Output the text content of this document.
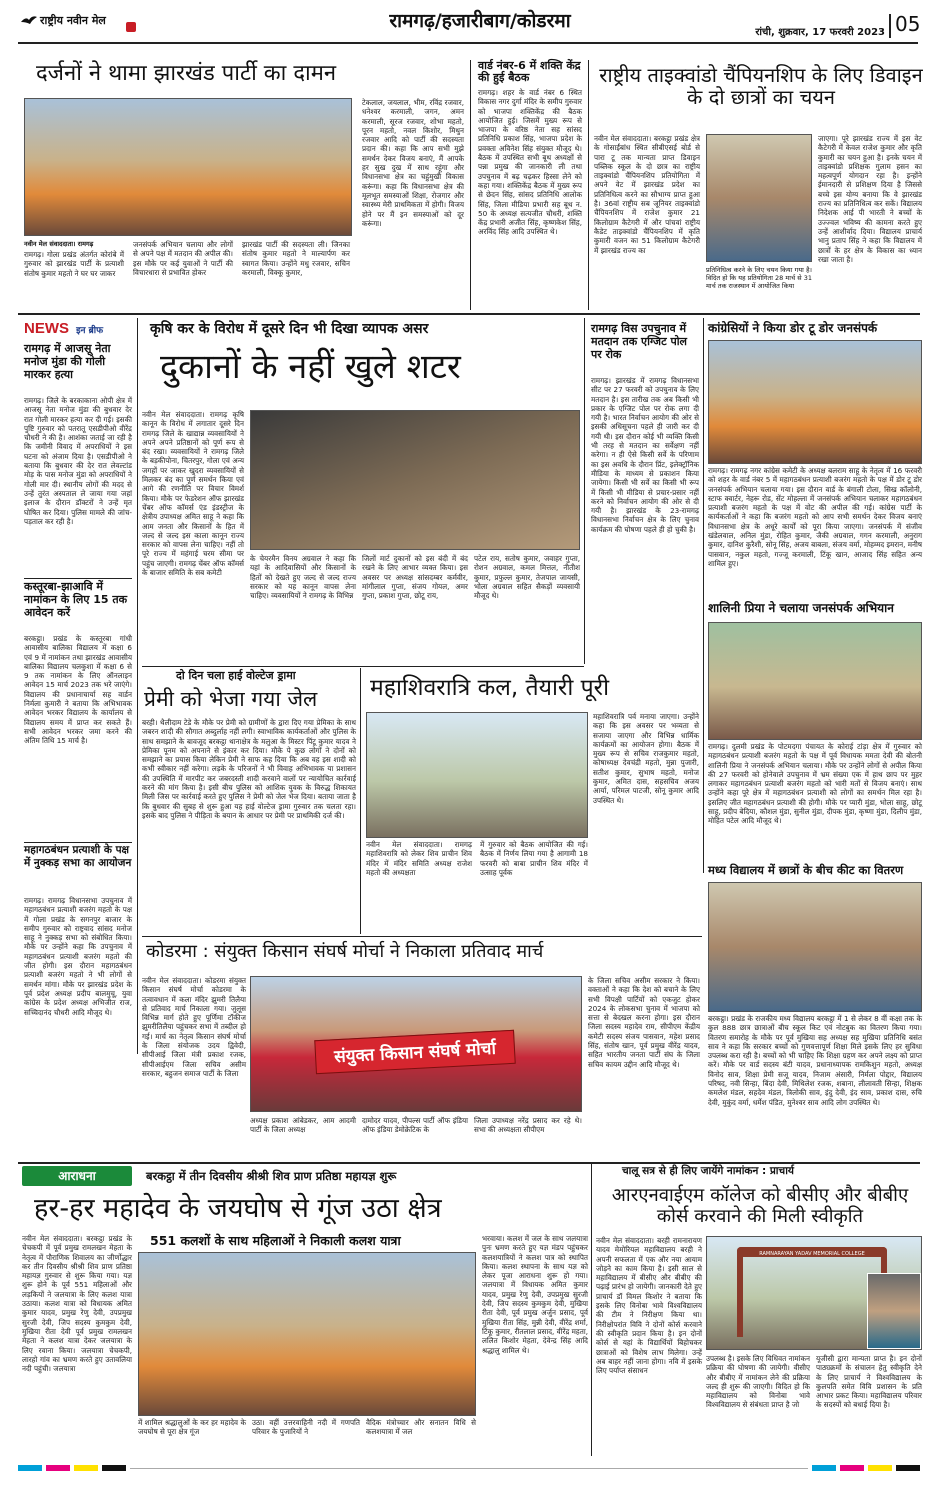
राष्ट्रीय नवीन मेल	रामगढ़/हजारीबाग/कोडरमा
रांची, शुक्रवार, 17 फरवरी 2023 05
दर्जनों ने थामा झारखंड पार्टी का दामन
नवीन मेल संवाददाता। रामगढ़
रामगढ़। गोला प्रखंड अंतर्गत कोरांबे में गुरुवार को झारखंड पार्टी के प्रत्याशी संतोष कुमार महतो ने घर घर जाकर
जनसंपर्क अभियान चलाया और लोगों से अपने पक्ष में मतदान की अपील की। इस मौके पर कई युवाओं ने पार्टी की विचारधारा से प्रभावित होकर
झारखंड पार्टी की सदस्यता ली। जिनका संतोष कुमार महतो ने माल्यार्पण कर स्वागत किया। उन्होंने मधु रजवार, सचिन करमाली, विक्कू कुमार,
टेकलाल, जयलाल, भीम, रविंद्र रजवार, धनेश्वर करमाली, जगन, अमन करमाली, सूरज रजवार, शोभा महतो, पूरन महतो, नवल किशोर, मिथुन रजवार आदि को पार्टी की सदस्यता प्रदान की। कहा कि आप सभी मुझे समर्थन देकर विजय बनाएं, मैं आपके हर सुख दुख में साथ रहूंगा और विधानसभा क्षेत्र का चहुंमुखी विकास करूंगा। कहा कि विधानसभा क्षेत्र की मूलभूत समस्याओं शिक्षा, रोजगार और स्वास्थ्य मेरी प्राथमिकता में होगी। विजय होने पर मैं इन समस्याओं को दूर करूंगा।
वार्ड नंबर-6 में शक्ति केंद्र की हुई बैठक
रामगढ़। शहर के वार्ड नंबर 6 स्थित विकास नगर दुर्गा मंदिर के समीप गुरुवार को भाजपा शक्तिकेंद्र की बैठक आयोजित हुई। जिसमें मुख्य रूप से भाजपा के वरिष्ठ नेता सह सांसद प्रतिनिधि प्रकाश सिंह, भाजपा प्रदेश के प्रवक्ता अविनेश सिंह संयुक्त मौजूद थे। बैठक में उपस्थित सभी बूथ अध्यक्षों से पन्ना प्रमुख की जानकारी ली तथा उपचुनाव में बढ़ चढ़कर हिस्सा लेने को कहा गया। शक्तिकेंद्र बैठक में मुख्य रूप से छेदन सिंह, सांसद प्रतिनिधि आलोक सिंह, जिला मीडिया प्रभारी सह बूथ न. 50 के अध्यक्ष सत्यजीत चौधरी, शक्ति केंद्र प्रभारी अजीत सिंह, कृष्णकेश सिंह, अरविंद सिंह आदि उपस्थित थे।
राष्ट्रीय ताइक्वांडो चैंपियनशिप के लिए डिवाइन के दो छात्रों का चयन
नवीन मेल संवाददाता। बरकट्ठा प्रखंड क्षेत्र के गोसाईंबांध स्थित सीबीएसई बोर्ड से पारा टू तक मान्यता प्राप्त डिवाइन पब्लिक स्कूल के दो छात्र का राष्ट्रीय ताइक्वांडो चैंपियनशिप प्रतियोगिता में अपने वेट में झारखंड प्रदेश का प्रतिनिधित्व करने का सौभाग्य प्राप्त हुआ है। 36वां राष्ट्रीय सब जूनियर ताइक्वांडो चैंपियनशिप में राजेश कुमार 21 किलोग्राम कैटेगरी में और पांचवां राष्ट्रीय कैडेट ताइक्वांडो चैंपियनशिप में कृति कुमारी वजन का 51 किलोग्राम कैटेगरी में झारखंड राज्य का
प्रतिनिधित्व करने के लिए चयन किया गया है। विदित हो कि यह प्रतियोगिता 28 मार्च से 31 मार्च तक राजस्थान में आयोजित किया
जाएगा। पूरे झारखंड राज्य में इस वेट कैटेगरी में केवल राजेश कुमार और कृति कुमारी का चयन हुआ है। इनके चयन में ताइक्वांडो प्रशिक्षक गुलाम हसन का महत्वपूर्ण योगदान रहा है। इन्होंने ईमानदारी से प्रशिक्षण दिया है जिससे बच्चे इस योग्य बनाया कि वे झारखंड राज्य का प्रतिनिधित्व कर सकें। विद्यालय निदेशक आई पी भारती ने बच्चों के उज्ज्वल भविष्य की कामना करते हुए उन्हें आशीर्वाद दिया। विद्यालय प्राचार्य भानु प्रताप सिंह ने कहा कि विद्यालय में छात्रों के हर क्षेत्र के विकास का ध्यान रखा जाता है।
NEWS इन ब्रीफ
रामगढ़ में आजसू नेता मनोज मुंडा की गोली मारकर हत्या
रामगढ़। जिले के बरकाकाना ओपी क्षेत्र में आजसू नेता मनोज मुंडा की बुधवार देर रात गोली मारकर हत्या कर दी गई। इसकी पुष्टि गुरुवार को पतरातू एसडीपीओ वीरेंद्र चौधरी ने की है। आशंका जताई जा रही है कि जमीनी विवाद में अपराधियों ने इस घटना को अंजाम दिया है। एसडीपीओ ने बताया कि बुधवार की देर रात लेवल्टांड मोड़ के पास मनोज मुंडा को अपराधियों ने गोली मार दी। स्थानीय लोगों की मदद से उन्हें तुरंत अस्पताल ले जाया गया जहां इलाज के दौरान डॉक्टरों ने उन्हें मृत घोषित कर दिया। पुलिस मामले की जांच-पड़ताल कर रही है।
कस्तूरबा-झाआवि में नामांकन के लिए 15 तक आवेदन करें
बरकट्ठा। प्रखंड के कस्तूरबा गांधी आवासीय बालिका विद्यालय में कक्षा 6 एवं 9 में नामांकन तथा झारखंड आवासीय बालिका विद्यालय चलकुशा में कक्षा 6 से 9 तक नामांकन के लिए ऑनलाइन आवेदन 15 मार्च 2023 तक भरे जाएंगे। विद्यालय की प्रधानाचार्या सह वार्डन निर्मला कुमारी ने बताया कि अभिभावक आवेदन भरकर विद्यालय के कार्यालय से विद्यालय समय में प्राप्त कर सकते हैं। सभी आवेदन भरकर जमा करने की अंतिम तिथि 15 मार्च है।
महागठबंधन प्रत्याशी के पक्ष में नुक्कड़ सभा का आयोजन
रामगढ़। रामगढ़ विधानसभा उपचुनाव में महागठबंधन प्रत्याशी बजरंग महतो के पक्ष में गोला प्रखंड के सगनपुर बाजार के समीप गुरुवार को राष्ट्रवाद सांसद मनोज साहू ने नुक्कड़ सभा को संबोधित किया। मौके पर उन्होंने कहा कि उपचुनाव में महागठबंधन प्रत्याशी बजरंग महतो की जीत होगी। इस दौरान महागठबंधन प्रत्याशी बजरंग महतो ने भी लोगों से समर्थन मांगा। मौके पर झारखंड प्रदेश के पूर्व प्रदेश अध्यक्ष प्रदीप बालमुचू, युवा कांग्रेस के प्रदेश अध्यक्ष अभिजीत राज, सच्चिदानंद चौधरी आदि मौजूद थे।
कृषि कर के विरोध में दूसरे दिन भी दिखा व्यापक असर
दुकानों के नहीं खुले शटर
नवीन मेल संवाददाता। रामगढ़ कृषि कानून के विरोध में लगातार दूसरे दिन रामगढ़ जिले के खाद्यान्न व्यवसायियों ने अपने अपने प्रतिष्ठानों को पूर्ण रूप से बंद रखा। व्यवसायियों ने रामगढ़ जिले के बड़कीपोना, चितरपुर, गोला एवं अन्य जगहों पर जाकर खुदरा व्यवसायियों से मिलकर बंद का पूर्ण समर्थन किया एवं आगे की रणनीति पर विचार विमर्श किया। मौके पर फेडरेशन ऑफ झारखंड चेंबर ऑफ कॉमर्स एंड इंडस्ट्रीज के क्षेत्रीय उपाध्यक्ष अमित साहू ने कहा कि आम जनता और किसानों के हित में जल्द से जल्द इस काला कानून राज्य सरकार को वापस लेना चाहिए। नहीं तो पूरे राज्य में महंगाई चरम सीमा पर पहुंच जाएगी। रामगढ़ चेंबर ऑफ कॉमर्स के बाजार समिति के सब कमेटी
के चेयरमैन विनय अग्रवाल ने कहा कि यहां के आदिवासियों और किसानों के हितों को देखते हुए जल्द से जल्द राज्य सरकार को यह कानून वापस लेना चाहिए। व्यवसायियों ने रामगढ़ के विभिन्न
जिलों मार्ट दुकानों को इस बंदी में बंद रखने के लिए आभार व्यक्त किया। इस अवसर पर अध्यक्ष सांसदम्बर कर्मवीर, मांगीलाल गुप्ता, संजय गोयल, अमर गुप्ता, प्रकाश गुप्ता, छोटू राय,
पटेल राय, सतोष कुमार, जवाहर गुप्ता, रोशन अग्रवाल, कमल मित्तल, नीतीश कुमार, प्रफुल्ल कुमार, तेजपाल जायसी, भोला अग्रवाल सहित सैकड़ों व्यवसायी मौजूद थे।
रामगढ़ विस उपचुनाव में मतदान तक एग्जिट पोल पर रोक
रामगढ़। झारखंड में रामगढ़ विधानसभा सीट पर 27 फरवरी को उपचुनाव के लिए मतदान है। इस तारीख तक अब किसी भी प्रकार के एग्जिट पोल पर रोक लगा दी गयी है। भारत निर्वाचन आयोग की ओर से इसकी अधिसूचना पहले ही जारी कर दी गयी थी। इस दौरान कोई भी व्यक्ति किसी भी तरह से मतदान का सर्वेक्षण नहीं करेगा। न ही ऐसे किसी सर्वे के परिणाम का इस अवधि के दौरान प्रिंट, इलेक्ट्रॉनिक मीडिया के माध्यम से प्रकाशन किया जायेगा। किसी भी सर्वे का किसी भी रूप में किसी भी मीडिया से प्रचार-प्रसार नहीं करने को निर्वाचन आयोग की ओर से दी गयी है। झारखंड के 23-रामगढ़ विधानसभा निर्वाचन क्षेत्र के लिए चुनाव कार्यक्रम की घोषणा पहले ही हो चुकी है।
कांग्रेसियों ने किया डोर टू डोर जनसंपर्क
रामगढ़। रामगढ़ नगर कांग्रेस कमेटी के अध्यक्ष बलराम साहू के नेतृत्व में 16 फरवरी को शहर के वार्ड नंबर 5 में महागठबंधन प्रत्याशी बजरंग महतो के पक्ष में डोर टू डोर जनसंपर्क अभियान चलाया गया। इस दौरान वार्ड के बंगाली टोला, सिख कॉलोनी, स्टाफ क्वार्टर, नेहरू रोड, सेंट मोहल्ला में जनसंपर्क अभियान चलाकर महागठबंधन प्रत्याशी बजरंग महतो के पक्ष में वोट की अपील की गई। कांग्रेस पार्टी के कार्यकर्ताओं ने कहा कि बजरंग महतो को आप सभी समर्थन देकर विजय बनाएं विधानसभा क्षेत्र के अधूरे कार्यों को पूरा किया जाएगा। जनसंपर्क में संजीव खंडेलवाल, अनिल मुंडा, रोहित कुमार, जैकी अग्रवाल, गगन करमाली, अनुराग कुमार, दानिश कुरैशी, सोनू सिंह, अजय बाबला, संजय वर्मा, मोहम्मद इमरान, मनीष पासवान, नकुल महतो, गज्जू करमाली, टिंकू खान, आजाद सिंह सहित अन्य शामिल हुए।
शालिनी प्रिया ने चलाया जनसंपर्क अभियान
रामगढ़। दुलमी प्रखंड के पोटमदगा पंचायत के कोराई टांड़ा क्षेत्र में गुरुवार को महागठबंधन प्रत्याशी बजरंग महतो के पक्ष में पूर्व विधायक ममता देवी की बोतनी शालिनी प्रिया ने जनसंपर्क अभियान चलाया। मौके पर उन्होंने लोगों से अपील किया की 27 फरवरी को होनेवाले उपचुनाव में भ्रम संख्या एक में हाथ छाप पर मुहर लगाकर महागठबंधन प्रत्याशी बजरंग महतो को भारी मतों से विजय बनाएं। साथ उन्होंने कहा पूरे क्षेत्र में महागठबंधन प्रत्याशी को लोगों का समर्थन मिल रहा है। इसलिए जीत महागठबंधन प्रत्याशी की होगी। मौके पर प्यारी मुंडा, भोला साहू, छोटू साहू, प्रदीप बेदिया, कौशल मुंडा, सुनील मुंडा, दीपक मुंडा, कृष्णा मुंडा, दिलीप मुंडा, मोहित पटेल आदि मौजूद थे।
दो दिन चला हाई वोल्टेज ड्रामा
प्रेमी को भेजा गया जेल
बरही। थैलीदाम टेडे के मौके पर प्रेमी को ग्रामीणों के द्वारा दिए गया प्रेमिका के साथ जबरन शादी की सौगात अब्दुर्लाह नहीं लगी। स्वाभाविक कार्यकर्ताओं और पुलिस के साथ समझाने के बावजूद बरकट्ठा थानाक्षेत्र के मलुआ के मिस्टर पिंटू कुमार यादव ने प्रेमिका पूनम को अपनाने से इंकार कर दिया। मौके पे कुछ लोगों ने दोनों को समझाने का प्रयास किया लेकिन प्रेमी ने साफ कह दिया कि अब वह इस शादी को कभी स्वीकार नहीं करेगा। लड़के के परिजनों ने भी विवाह अभिभावक या प्रशासन की उपस्थिति में मारपीट कर जबरदस्ती शादी करवाने वालों पर न्यायोचित कार्रवाई करने की मांग किया है। इसी बीच पुलिस को आशिक युवक के विरुद्ध शिकायत मिली जिस पर कार्रवाई करते हुए पुलिस ने प्रेमी को जेल भेज दिया। बताया जाता है कि बुधवार की सुबह से शुरू हुआ यह हाई वोल्टेज ड्रामा गुरुवार तक चलता रहा। इसके बाद पुलिस ने पीड़िता के बयान के आधार पर प्रेमी पर प्राथमिकी दर्ज की।
महाशिवरात्रि कल, तैयारी पूरी
नवीन मेल संवाददाता। रामगढ़ महाशिवरात्रि को लेकर शिव प्राचीन शिव मंदिर में मंदिर समिति अध्यक्ष राजेश महतो की अध्यक्षता
में गुरुवार को बैठक आयोजित की गई। बैठक में निर्णय लिया गया है आगामी 18 फरवरी को बाबा प्राचीन शिव मंदिर में उत्साह पूर्वक
महाशिवरात्रि पर्व मनाया जाएगा। उन्होंने कहा कि इस अवसर पर भव्यता से सजाया जाएगा और विभिन्न धार्मिक कार्यक्रमों का आयोजन होगा। बैठक में मुख्य रूप से सचिव राजकुमार महतो, कोषाध्यक्ष देवचंद्री महतो, मुन्ना पुजारी, सतीश कुमार, सुभाष महतो, मनोज कुमार, अमित दास, सहसचिव अजय आर्या, परिमल पाटजी, सोनू कुमार आदि उपस्थित थे।
मध्य विद्यालय में छात्रों के बीच कीट का वितरण
बरकट्ठा। प्रखंड के राजकीय मध्य विद्यालय बरकट्ठा में 1 से लेकर 8 वीं कक्षा तक के कुल 888 छात्र छात्राओं बीच स्कूल किट एवं नोटबुक का वितरण किया गया। वितरण समारोह के मौके पर पूर्व मुखिया सह अध्यक्ष सह मुखिया प्रतिनिधि बसंत साव ने कहा कि सरकार बच्चों को गुणवत्तापूर्ण शिक्षा मिले इसके लिए हर सुविधा उपलब्ध करा रही है। बच्चों को भी चाहिए कि शिक्षा ग्रहण कर अपने लक्ष्य को प्राप्त करें। मौके पर वार्ड सदस्य बंटी यादव, प्रधानाध्यापक रामकिशुन महतो, अध्यक्ष विनोद साव, शिक्षा प्रेमी सजू यादव, निजाम अंसारी, निर्मला पोद्दार, विद्यालय परिषद, नवी सिन्हा, बिंदा देवी, मिथिलेश रजक, शबाना, लीलावती सिन्हा, शिक्षक कमलेश मंडल, सहदेव मंडल, त्रिलोकी साव, इंदु देवी, इंद साव, प्रकाश दास, रुचि देवी, मुकुंद वर्मा, धर्मेश पंडित, मुनेश्वर साव आदि लोग उपस्थित थे।
कोडरमा : संयुक्त किसान संघर्ष मोर्चा ने निकाला प्रतिवाद मार्च
नवीन मेल संवाददाता। कोडरमा संयुक्त किसान संघर्ष मोर्चा कोडरमा के तत्वावधान में कला मंदिर झुमरी तिलैया से प्रतिवाद मार्च निकाला गया। जुलूस विभिन्न मार्ग होते हुए पूर्णिमा टॉकीज झुमरीतिलैया पहुंचकर सभा में तब्दील हो गई। मार्च का नेतृत्व किसान संघर्ष मोर्चा के जिला संयोजक उदय द्विवेदी, सीपीआई जिला मंत्री प्रकाश रजक, सीपीआईएम जिला सचिव असीम सरकार, बहुजन समाज पार्टी के जिला
संयुक्त किसान संघर्ष मोर्चा
अध्यक्ष प्रकाश आंबेडकर, आम आदमी पार्टी के जिला अध्यक्ष
दामोदर यादव, पीपल्स पार्टी ऑफ इंडिया ऑफ इंडिया डेमोक्रेटिक के
जिला उपाध्यक्ष नरेंद्र प्रसाद कर रहे थे। सभा की अध्यक्षता सीपीएम
के जिला सचिव असीम सरकार ने किया। वक्ताओं ने कहा कि देश को बचाने के लिए सभी विपक्षी पार्टियों को एकजुट होकर 2024 के लोकसभा चुनाव में भाजपा को सत्ता से बेदखल करना होगा। इस दौरान जिला सदस्य महादेव राम, सीपीएम केंद्रीय कमेटी सदस्य संजय पासवान, महेश प्रसाद सिंह, संतोष खान, पूर्व प्रमुख वीरेंद्र यादव, सहित भारतीय जनता पार्टी संघ के जिला सचिव कायम उद्दीन आदि मौजूद थे।
आराधना	बरकट्ठा में तीन दिवसीय श्रीश्री शिव प्राण प्रतिष्ठा महायज्ञ शुरू
हर-हर महादेव के जयघोष से गूंज उठा क्षेत्र
नवीन मेल संवाददाता। बरकट्ठा प्रखंड के चेचकपी में पूर्व प्रमुख रामलखन मेहता के नेतृत्व में पौराणिक शिवालय का जीर्णोद्धार कर तीन दिवसीय श्रीश्री शिव प्राण प्रतिष्ठा महायज्ञ गुरुवार से शुरू किया गया। यज्ञ शुरू होने के पूर्व 551 महिलाओं और लड़कियों ने जलयात्रा के लिए कलश यात्रा उठाया। कलश यात्रा को विधायक अमित कुमार यादव, प्रमुख रेणु देवी, उपप्रमुख सुरजी देवी, जिप सदस्य कुमकुम देवी, मुखिया रीता देवी पूर्व प्रमुख रामलखन मेहता ने कलश यात्रा देकर जलयात्रा के लिए रवाना किया। जलयात्रा चेचकपी, लारहो गांव का भ्रमण करते हुए उतावलिया नदी पहुंची। जलयात्रा
551 कलशों के साथ महिलाओं ने निकाली कलश यात्रा
में शामिल श्रद्धालुओं के कर हर महादेव के जयघोष से पूरा क्षेत्र गूंज
उठा। वहीं उत्तरवाहिनी नदी में गणपति परिवार के पुजारियों ने
वैदिक मंत्रोच्चार और सनातन विधि से कलशयात्रा में जल
भरवाया। कलश में जल के साथ जलयात्रा पुनः भ्रमण करते हुए यज्ञ मंडप पहुंचकर कलशयात्रियों ने कलश पात्र को स्थापित किया। कलश स्थापना के साथ यज्ञ को लेकर पूजा आराधना शुरू हो गया। जलयात्रा में विधायक अमित कुमार यादव, प्रमुख रेणु देवी, उपप्रमुख सुरजी देवी, जिप सदस्य कुमकुम देवी, मुखिया रीता देवी, पूर्व प्रमुख अर्जुन प्रसाद, पूर्व मुखिया रीता सिंह, मुन्नी देवी, वीरेंद्र शर्मा, टिंकू कुमार, रीतलाल प्रसाद, वीरेंद्र महता, ललित किशोर मेहता, देवेन्द्र सिंह आदि श्रद्धालु शामिल थे।
चालू सत्र से ही लिए जायेंगे नामांकन : प्राचार्य
आरएनवाईएम कॉलेज को बीसीए और बीबीए कोर्स करवाने की मिली स्वीकृति
नवीन मेल संवाददाता। बरही रामनारायण यादव मेमोरियल महाविद्यालय बरही ने अपनी सफलता में एक और नया आयाम जोड़ने का काम किया है। इसी साल से महाविद्यालय में बीसीए और बीबीए की पढ़ाई प्रारंभ हो जायेगी। जानकारी देते हुए प्राचार्य डॉ विमल किशोर ने बताया कि इसके लिए विनोबा भावे विश्वविद्यालय की टीम ने निरीक्षण किया था। निरीक्षोपरांत विवि ने दोनों कोर्स करवाने की स्वीकृति प्रदान किया है। इन दोनों कोर्स से यहां के विद्यार्थियों बिहोचकर छात्राओं को विशेष लाभ मिलेगा। उन्हें अब बाहर नहीं जाना होगा। नवि में इसके लिए पर्याप्त संसाधन
RAMNARAYAN YADAV MEMORIAL COLLEGE
उपलब्ध है। इसके लिए विधिवत नामांकन प्रक्रिया की घोषणा की जायेगी। वीसीए और बीबीए में नामांकन लेने की प्रक्रिया जल्द ही शुरू की जाएगी। विदित हो कि महाविद्यालय को विनोबा भावे विश्वविद्यालय से संबंधता प्राप्त है जो
यूजीसी द्वारा मान्यता प्राप्त है। इन दोनों पाठ्यक्रमों के संचालन हेतु स्वीकृति देने के लिए प्राचार्य ने विश्वविद्यालय के कुलपति समेत विवि प्रशासन के प्रति आभार प्रकट किया। महाविद्यालय परिवार के सदस्यों को बधाई दिया है।
